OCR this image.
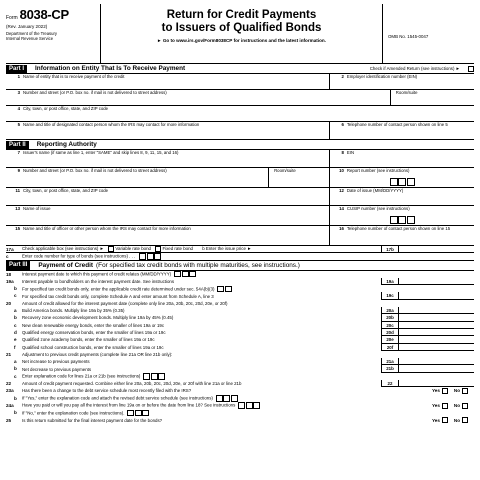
Form 8038-CP
(Rev. January 2022)
Department of the Treasury
Internal Revenue Service
Return for Credit Payments
to Issuers of Qualified Bonds
► Go to www.irs.gov/Form8038CP for instructions and the latest information.
OMB No. 1545-0047
Part I	Information on Entity That Is To Receive Payment	Check if Amended Return (see instructions) ►
1 Name of entity that is to receive payment of the credit	2 Employer identification number (EIN)
3 Number and street (or P.O. box no. if mail is not delivered to street address)	Room/suite
4 City, town, or post office, state, and ZIP code
5 Name and title of designated contact person whom the IRS may contact for more information	6 Telephone number of contact person shown on line 5
Part II	Reporting Authority
7 Issuer's name (if same as line 1, enter "SAME" and skip lines 8, 9, 11, 15, and 16)	8 EIN
9 Number and street (or P.O. box no. if mail is not delivered to street address)	Room/suite	10 Report number (see instructions)
11 City, town, or post office, state, and ZIP code	12 Date of issue (MM/DD/YYYY)
13 Name of issue	14 CUSIP number (see instructions)
15 Name and title of officer or other person whom the IRS may contact for more information	16 Telephone number of contact person shown on line 15
17a	Check applicable box (see instructions) ►	Variable rate bond	Fixed rate bond b Enter the issue price ►	17b
c	Enter code number for type of bonds (see instructions) . . .
Part III	Payment of Credit (For specified tax credit bonds with multiple maturities, see instructions.)
18	Interest payment date to which this payment of credit relates (MM/DD/YYYY)
19a	Interest payable to bondholders on the interest payment date. See instructions	19a
b	For specified tax credit bonds only, enter the applicable credit rate determined under sec. 54A(b)(3)
c	For specified tax credit bonds only, complete Schedule A and enter amount from Schedule A, line 3	19c
20	Amount of credit allowed for the interest payment date (complete only line 20a, 20b, 20c, 20d, 20e, or 20f)
a	Build America bonds. Multiply line 19a by 35% (0.35)	20a
b	Recovery zone economic development bonds. Multiply line 19a by 45% (0.45)	20b
c	New clean renewable energy bonds, enter the smaller of lines 19a or 19c	20c
d	Qualified energy conservation bonds, enter the smaller of lines 19a or 19c	20d
e	Qualified zone academy bonds, enter the smaller of lines 19a or 19c	20e
f	Qualified school construction bonds, enter the smaller of lines 19a or 19c	20f
21	Adjustment to previous credit payments (complete line 21a OR line 21b only):
a	Net increase to previous payments	21a
b	Net decrease to previous payments	21b
c	Enter explanation code for lines 21a or 21b (see instructions)
22	Amount of credit payment requested. Combine either line 20a, 20b, 20c, 20d, 20e, or 20f with line 21a or line 21b	22
23a	Has there been a change to the debt service schedule most recently filed with the IRS?	Yes	No
b	If "Yes," enter the explanation code and attach the revised debt service schedule (see instructions)
24a	Have you paid or will you pay all the interest from line 19a on or before the date from line 18? See instructions	Yes	No
b	If "No," enter the explanation code (see instructions).
25	Is this return submitted for the final interest payment date for the bonds?	Yes	No
